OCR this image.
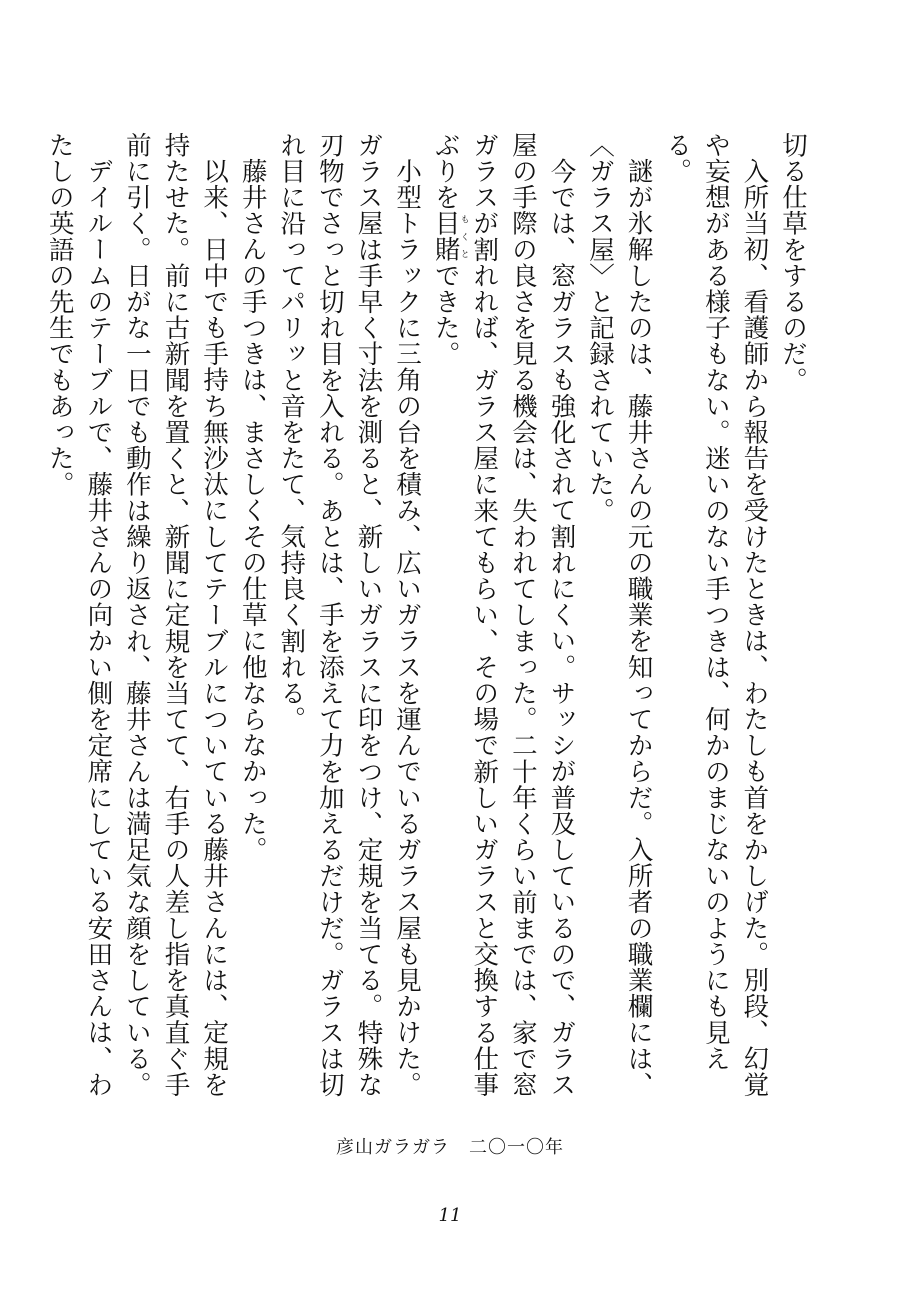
切る仕草をするのだ。

入所当初、看護師から報告を受けたときは、わたしも首をかしげた。別段、幻覚や妄想がある様子もない。迷いのない手つきは、何かのまじないのようにも見える。

謎が氷解したのは、藤井さんの元の職業を知ってからだ。入所者の職業欄には、〈ガラス屋〉と記録されていた。

今では、窓ガラスも強化されて割れにくい。サッシが普及しているので、ガラス屋の手際の良さを見る機会は、失われてしまった。二十年くらい前までは、家で窓ガラスが割れれば、ガラス屋に来てもらい、その場で新しいガラスと交換する仕事ぶりを目賭もくとできた。

小型トラックに三角の台を積み、広いガラスを運んでいるガラス屋も見かけた。ガラス屋は手早く寸法を測ると、新しいガラスに印をつけ、定規を当てる。特殊な刃物でさっと切れ目を入れる。あとは、手を添えて力を加えるだけだ。ガラスは切れ目に沿ってパリッと音をたて、気持良く割れる。

藤井さんの手つきは、まさしくその仕草に他ならなかった。

以来、日中でも手持ち無沙汰にしてテーブルについている藤井さんには、定規を持たせた。前に古新聞を置くと、新聞に定規を当てて、右手の人差し指を真直ぐ手前に引く。日がな一日でも動作は繰り返され、藤井さんは満足気な顔をしている。

デイルームのテーブルで、藤井さんの向かい側を定席にしている安田さんは、わたしの英語の先生でもあった。

彦山ガラガラ　二〇一〇年
11
